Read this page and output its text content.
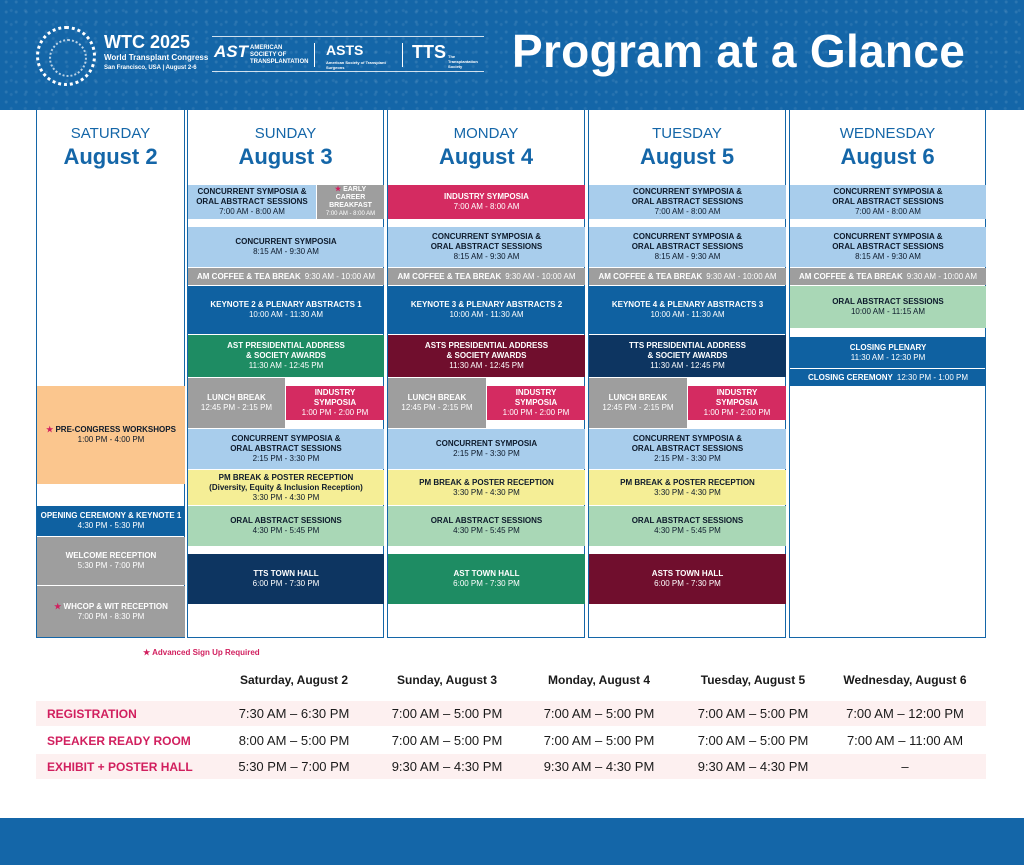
WTC 2025
World Transplant Congress
San Francisco, USA | August 2-6
AST AMERICAN SOCIETY OF TRANSPLANTATION
ASTS
American Society of Transplant Surgeons
TTS The Transplantation Society	Program at a Glance
SATURDAY
August 2
★ PRE-CONGRESS WORKSHOPS
1:00 PM - 4:00 PM
OPENING CEREMONY & KEYNOTE 1
4:30 PM - 5:30 PM
WELCOME RECEPTION
5:30 PM - 7:00 PM
★ WHCOP & WIT RECEPTION
7:00 PM - 8:30 PM
SUNDAY
August 3
CONCURRENT SYMPOSIA &
ORAL ABSTRACT SESSIONS
7:00 AM - 8:00 AM
★ EARLY CAREER
BREAKFAST
7:00 AM - 8:00 AM
CONCURRENT SYMPOSIA
8:15 AM - 9:30 AM
AM COFFEE & TEA BREAK 9:30 AM - 10:00 AM
KEYNOTE 2 & PLENARY ABSTRACTS 1
10:00 AM - 11:30 AM
AST PRESIDENTIAL ADDRESS
& SOCIETY AWARDS
11:30 AM - 12:45 PM
LUNCH BREAK
12:45 PM - 2:15 PM
INDUSTRY
SYMPOSIA
1:00 PM - 2:00 PM
CONCURRENT SYMPOSIA &
ORAL ABSTRACT SESSIONS
2:15 PM - 3:30 PM
PM BREAK & POSTER RECEPTION
(Diversity, Equity & Inclusion Reception)
3:30 PM - 4:30 PM
ORAL ABSTRACT SESSIONS
4:30 PM - 5:45 PM
TTS TOWN HALL
6:00 PM - 7:30 PM
MONDAY
August 4
INDUSTRY SYMPOSIA
7:00 AM - 8:00 AM
CONCURRENT SYMPOSIA &
ORAL ABSTRACT SESSIONS
8:15 AM - 9:30 AM
AM COFFEE & TEA BREAK 9:30 AM - 10:00 AM
KEYNOTE 3 & PLENARY ABSTRACTS 2
10:00 AM - 11:30 AM
ASTS PRESIDENTIAL ADDRESS
& SOCIETY AWARDS
11:30 AM - 12:45 PM
LUNCH BREAK
12:45 PM - 2:15 PM
INDUSTRY
SYMPOSIA
1:00 PM - 2:00 PM
CONCURRENT SYMPOSIA
2:15 PM - 3:30 PM
PM BREAK & POSTER RECEPTION
3:30 PM - 4:30 PM
ORAL ABSTRACT SESSIONS
4:30 PM - 5:45 PM
AST TOWN HALL
6:00 PM - 7:30 PM
TUESDAY
August 5
CONCURRENT SYMPOSIA &
ORAL ABSTRACT SESSIONS
7:00 AM - 8:00 AM
CONCURRENT SYMPOSIA &
ORAL ABSTRACT SESSIONS
8:15 AM - 9:30 AM
AM COFFEE & TEA BREAK 9:30 AM - 10:00 AM
KEYNOTE 4 & PLENARY ABSTRACTS 3
10:00 AM - 11:30 AM
TTS PRESIDENTIAL ADDRESS
& SOCIETY AWARDS
11:30 AM - 12:45 PM
LUNCH BREAK
12:45 PM - 2:15 PM
INDUSTRY
SYMPOSIA
1:00 PM - 2:00 PM
CONCURRENT SYMPOSIA &
ORAL ABSTRACT SESSIONS
2:15 PM - 3:30 PM
PM BREAK & POSTER RECEPTION
3:30 PM - 4:30 PM
ORAL ABSTRACT SESSIONS
4:30 PM - 5:45 PM
ASTS TOWN HALL
6:00 PM - 7:30 PM
WEDNESDAY
August 6
CONCURRENT SYMPOSIA &
ORAL ABSTRACT SESSIONS
7:00 AM - 8:00 AM
CONCURRENT SYMPOSIA &
ORAL ABSTRACT SESSIONS
8:15 AM - 9:30 AM
AM COFFEE & TEA BREAK 9:30 AM - 10:00 AM
ORAL ABSTRACT SESSIONS
10:00 AM - 11:15 AM
CLOSING PLENARY
11:30 AM - 12:30 PM
CLOSING CEREMONY 12:30 PM - 1:00 PM
★ Advanced Sign Up Required
Saturday, August 2	Sunday, August 3	Monday, August 4	Tuesday, August 5	Wednesday, August 6
REGISTRATION	7:30 AM – 6:30 PM	7:00 AM – 5:00 PM	7:00 AM – 5:00 PM	7:00 AM – 5:00 PM	7:00 AM – 12:00 PM
SPEAKER READY ROOM	8:00 AM – 5:00 PM	7:00 AM – 5:00 PM	7:00 AM – 5:00 PM	7:00 AM – 5:00 PM	7:00 AM – 11:00 AM
EXHIBIT + POSTER HALL	5:30 PM – 7:00 PM	9:30 AM – 4:30 PM	9:30 AM – 4:30 PM	9:30 AM – 4:30 PM	–
